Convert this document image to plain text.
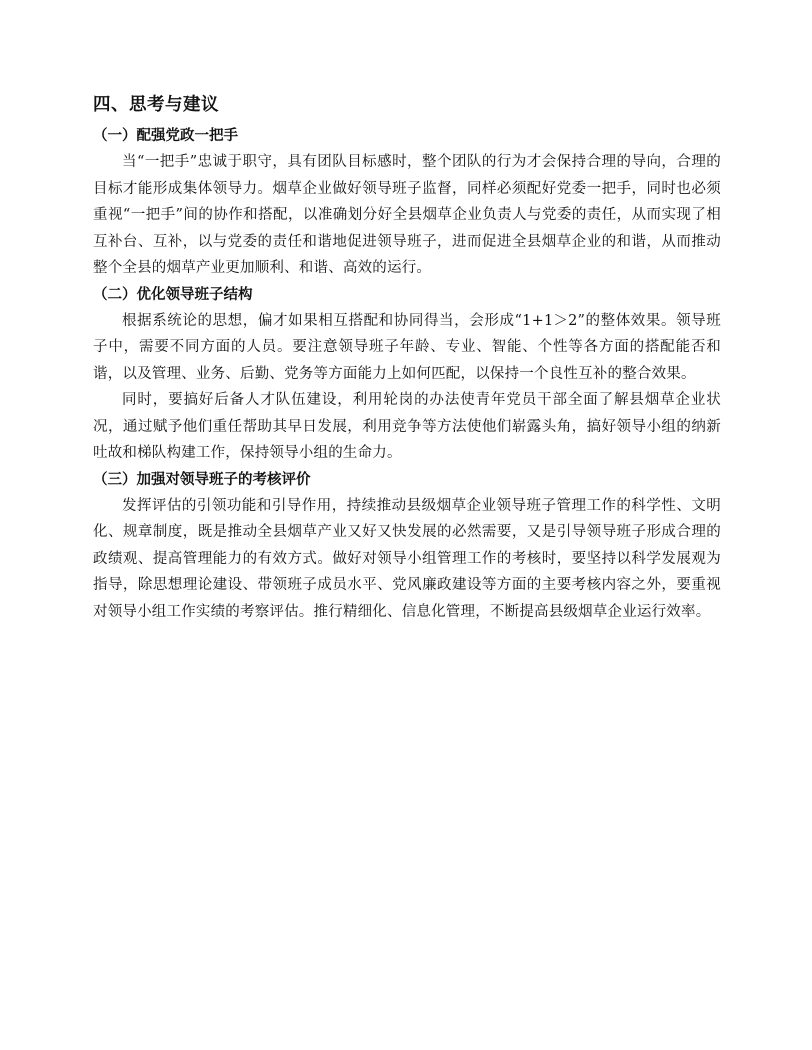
四、思考与建议
（一）配强党政一把手

当“一把手”忠诚于职守，具有团队目标感时，整个团队的行为才会保持合理的导向，合理的目标才能形成集体领导力。烟草企业做好领导班子监督，同样必须配好党委一把手，同时也必须重视“一把手”间的协作和搭配，以准确划分好全县烟草企业负责人与党委的责任，从而实现了相互补台、互补，以与党委的责任和谐地促进领导班子，进而促进全县烟草企业的和谐，从而推动整个全县的烟草产业更加顺利、和谐、高效的运行。

（二）优化领导班子结构

根据系统论的思想，偏才如果相互搭配和协同得当，会形成“1+1＞2”的整体效果。领导班子中，需要不同方面的人员。要注意领导班子年龄、专业、智能、个性等各方面的搭配能否和谐，以及管理、业务、后勤、党务等方面能力上如何匹配，以保持一个良性互补的整合效果。

同时，要搞好后备人才队伍建设，利用轮岗的办法使青年党员干部全面了解县烟草企业状况，通过赋予他们重任帮助其早日发展，利用竞争等方法使他们崭露头角，搞好领导小组的纳新吐故和梯队构建工作，保持领导小组的生命力。

（三）加强对领导班子的考核评价

发挥评估的引领功能和引导作用，持续推动县级烟草企业领导班子管理工作的科学性、文明化、规章制度，既是推动全县烟草产业又好又快发展的必然需要，又是引导领导班子形成合理的政绩观、提高管理能力的有效方式。做好对领导小组管理工作的考核时，要坚持以科学发展观为指导，除思想理论建设、带领班子成员水平、党风廉政建设等方面的主要考核内容之外，要重视对领导小组工作实绩的考察评估。推行精细化、信息化管理，不断提高县级烟草企业运行效率。
